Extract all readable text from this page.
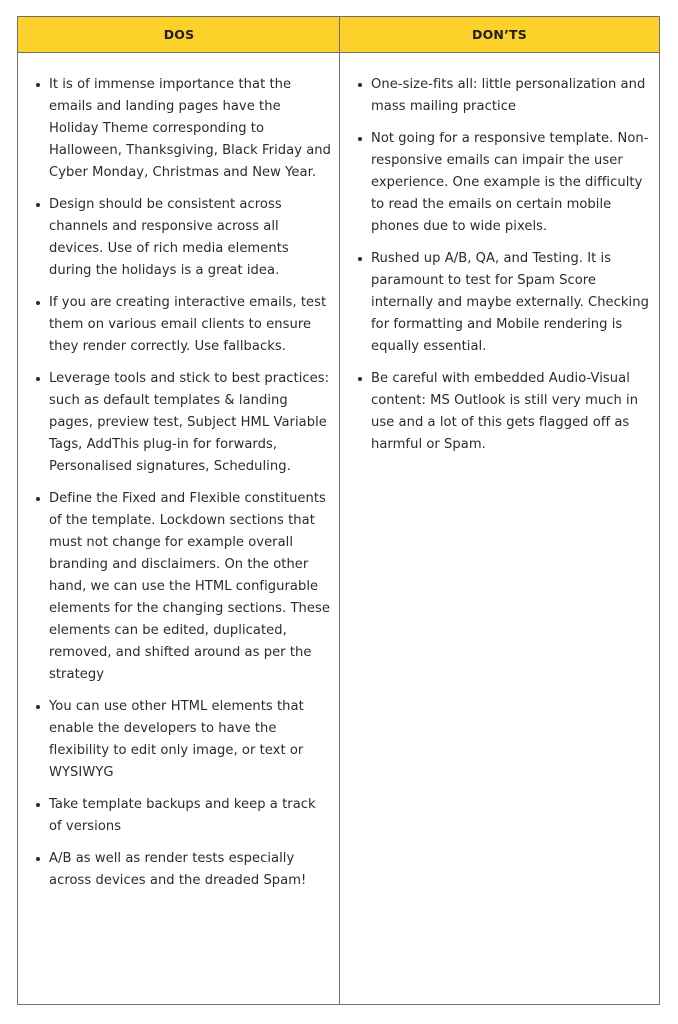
DOS	DON’TS
It is of immense importance that the emails and landing pages have the Holiday Theme corresponding to Halloween, Thanksgiving, Black Friday and Cyber Monday, Christmas and New Year.
Design should be consistent across channels and responsive across all devices. Use of rich media elements during the holidays is a great idea.
If you are creating interactive emails, test them on various email clients to ensure they render correctly. Use fallbacks.
Leverage tools and stick to best practices: such as default templates & landing pages, preview test, Subject HML Variable Tags, AddThis plug-in for forwards, Personalised signatures, Scheduling.
Define the Fixed and Flexible constituents of the template. Lockdown sections that must not change for example overall branding and disclaimers. On the other hand, we can use the HTML configurable elements for the changing sections. These elements can be edited, duplicated, removed, and shifted around as per the strategy
You can use other HTML elements that enable the developers to have the flexibility to edit only image, or text or WYSIWYG
Take template backups and keep a track of versions
A/B as well as render tests especially across devices and the dreaded Spam!
One-size-fits all: little personalization and mass mailing practice
Not going for a responsive template. Non-responsive emails can impair the user experience. One example is the difficulty to read the emails on certain mobile phones due to wide pixels.
Rushed up A/B, QA, and Testing. It is paramount to test for Spam Score internally and maybe externally. Checking for formatting and Mobile rendering is equally essential.
Be careful with embedded Audio-Visual content: MS Outlook is still very much in use and a lot of this gets flagged off as harmful or Spam.
